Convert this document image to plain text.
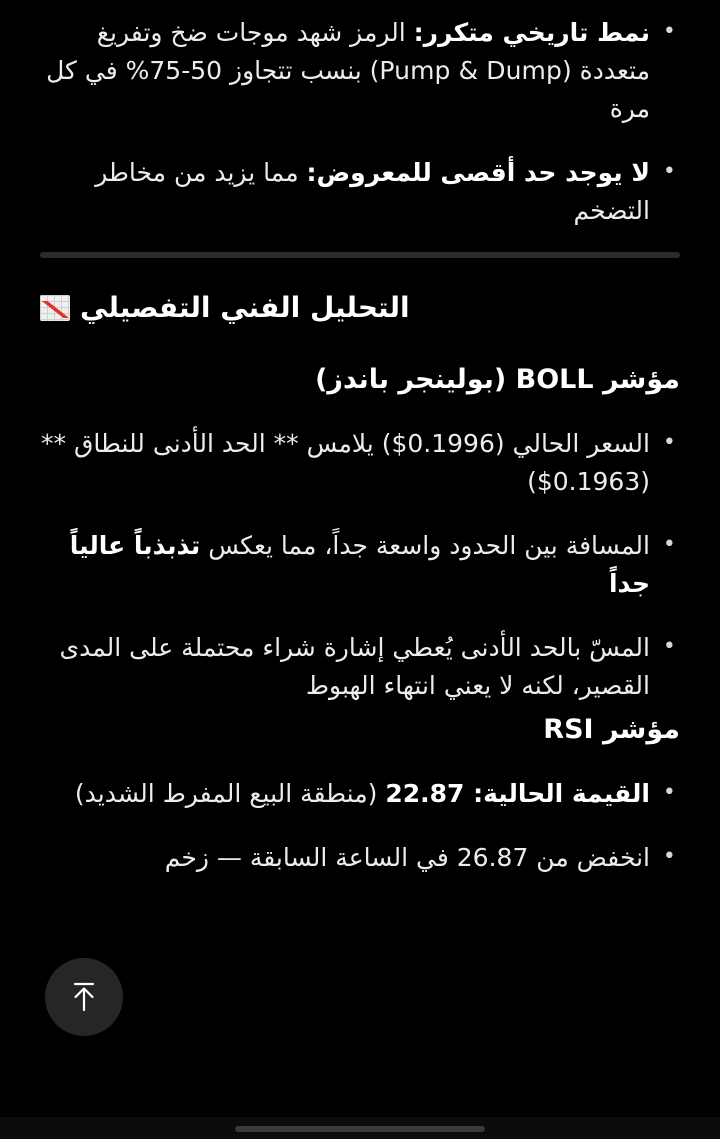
• نمط تاريخي متكرر: الرمز شهد موجات ضخ وتفريغ متعددة (Pump & Dump) بنسب تتجاوز 50-75% في كل مرة
• لا يوجد حد أقصى للمعروض: مما يزيد من مخاطر التضخم
التحليل الفني التفصيلي
مؤشر BOLL (بولينجر باندز)
• السعر الحالي (0.1996$) يلامس ** الحد الأدنى للنطاق ** (0.1963$)
• المسافة بين الحدود واسعة جداً، مما يعكس تذبذباً عالياً جداً
• المسّ بالحد الأدنى يُعطي إشارة شراء محتملة على المدى القصير، لكنه لا يعني انتهاء الهبوط
مؤشر RSI
• القيمة الحالية: 22.87 (منطقة البيع المفرط الشديد)
• انخفض من 26.87 في الساعة السابقة — زخم
